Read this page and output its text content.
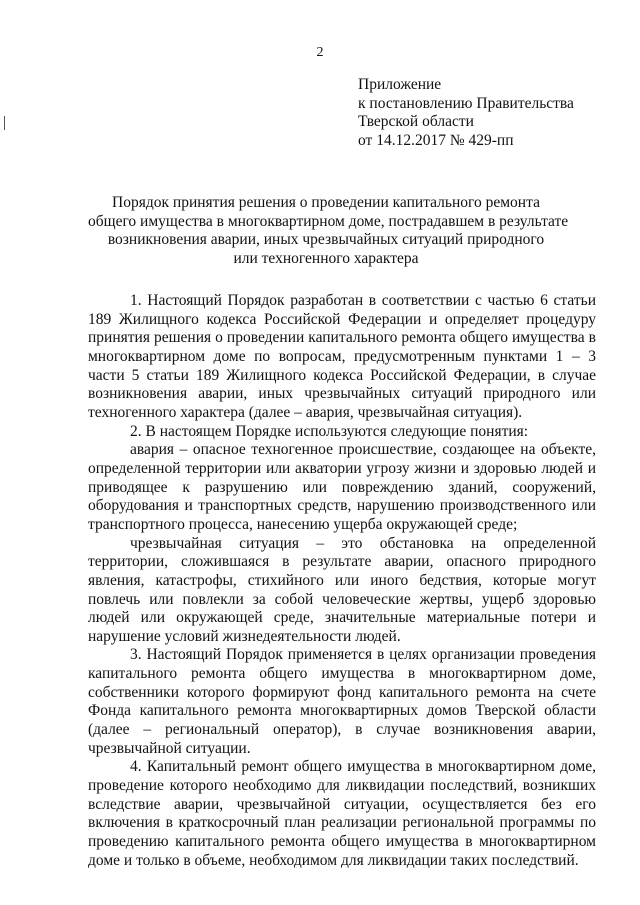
2
Приложение
к постановлению Правительства
Тверской области
от 14.12.2017 № 429-пп
Порядок принятия решения о проведении капитального ремонта
общего имущества в многоквартирном доме, пострадавшем в результате
возникновения аварии, иных чрезвычайных ситуаций природного
или техногенного характера

1. Настоящий Порядок разработан в соответствии с частью 6 статьи 189 Жилищного кодекса Российской Федерации и определяет процедуру принятия решения о проведении капитального ремонта общего имущества в многоквартирном доме по вопросам, предусмотренным пунктами 1 – 3 части 5 статьи 189 Жилищного кодекса Российской Федерации, в случае возникновения аварии, иных чрезвычайных ситуаций природного или техногенного характера (далее – авария, чрезвычайная ситуация).

2. В настоящем Порядке используются следующие понятия:

авария – опасное техногенное происшествие, создающее на объекте, определенной территории или акватории угрозу жизни и здоровью людей и приводящее к разрушению или повреждению зданий, сооружений, оборудования и транспортных средств, нарушению производственного или транспортного процесса, нанесению ущерба окружающей среде;

чрезвычайная ситуация – это обстановка на определенной территории, сложившаяся в результате аварии, опасного природного явления, катастрофы, стихийного или иного бедствия, которые могут повлечь или повлекли за собой человеческие жертвы, ущерб здоровью людей или окружающей среде, значительные материальные потери и нарушение условий жизнедеятельности людей.

3. Настоящий Порядок применяется в целях организации проведения капитального ремонта общего имущества в многоквартирном доме, собственники которого формируют фонд капитального ремонта на счете Фонда капитального ремонта многоквартирных домов Тверской области (далее – региональный оператор), в случае возникновения аварии, чрезвычайной ситуации.

4. Капитальный ремонт общего имущества в многоквартирном доме, проведение которого необходимо для ликвидации последствий, возникших вследствие аварии, чрезвычайной ситуации, осуществляется без его включения в краткосрочный план реализации региональной программы по проведению капитального ремонта общего имущества в многоквартирном доме и только в объеме, необходимом для ликвидации таких последствий.
